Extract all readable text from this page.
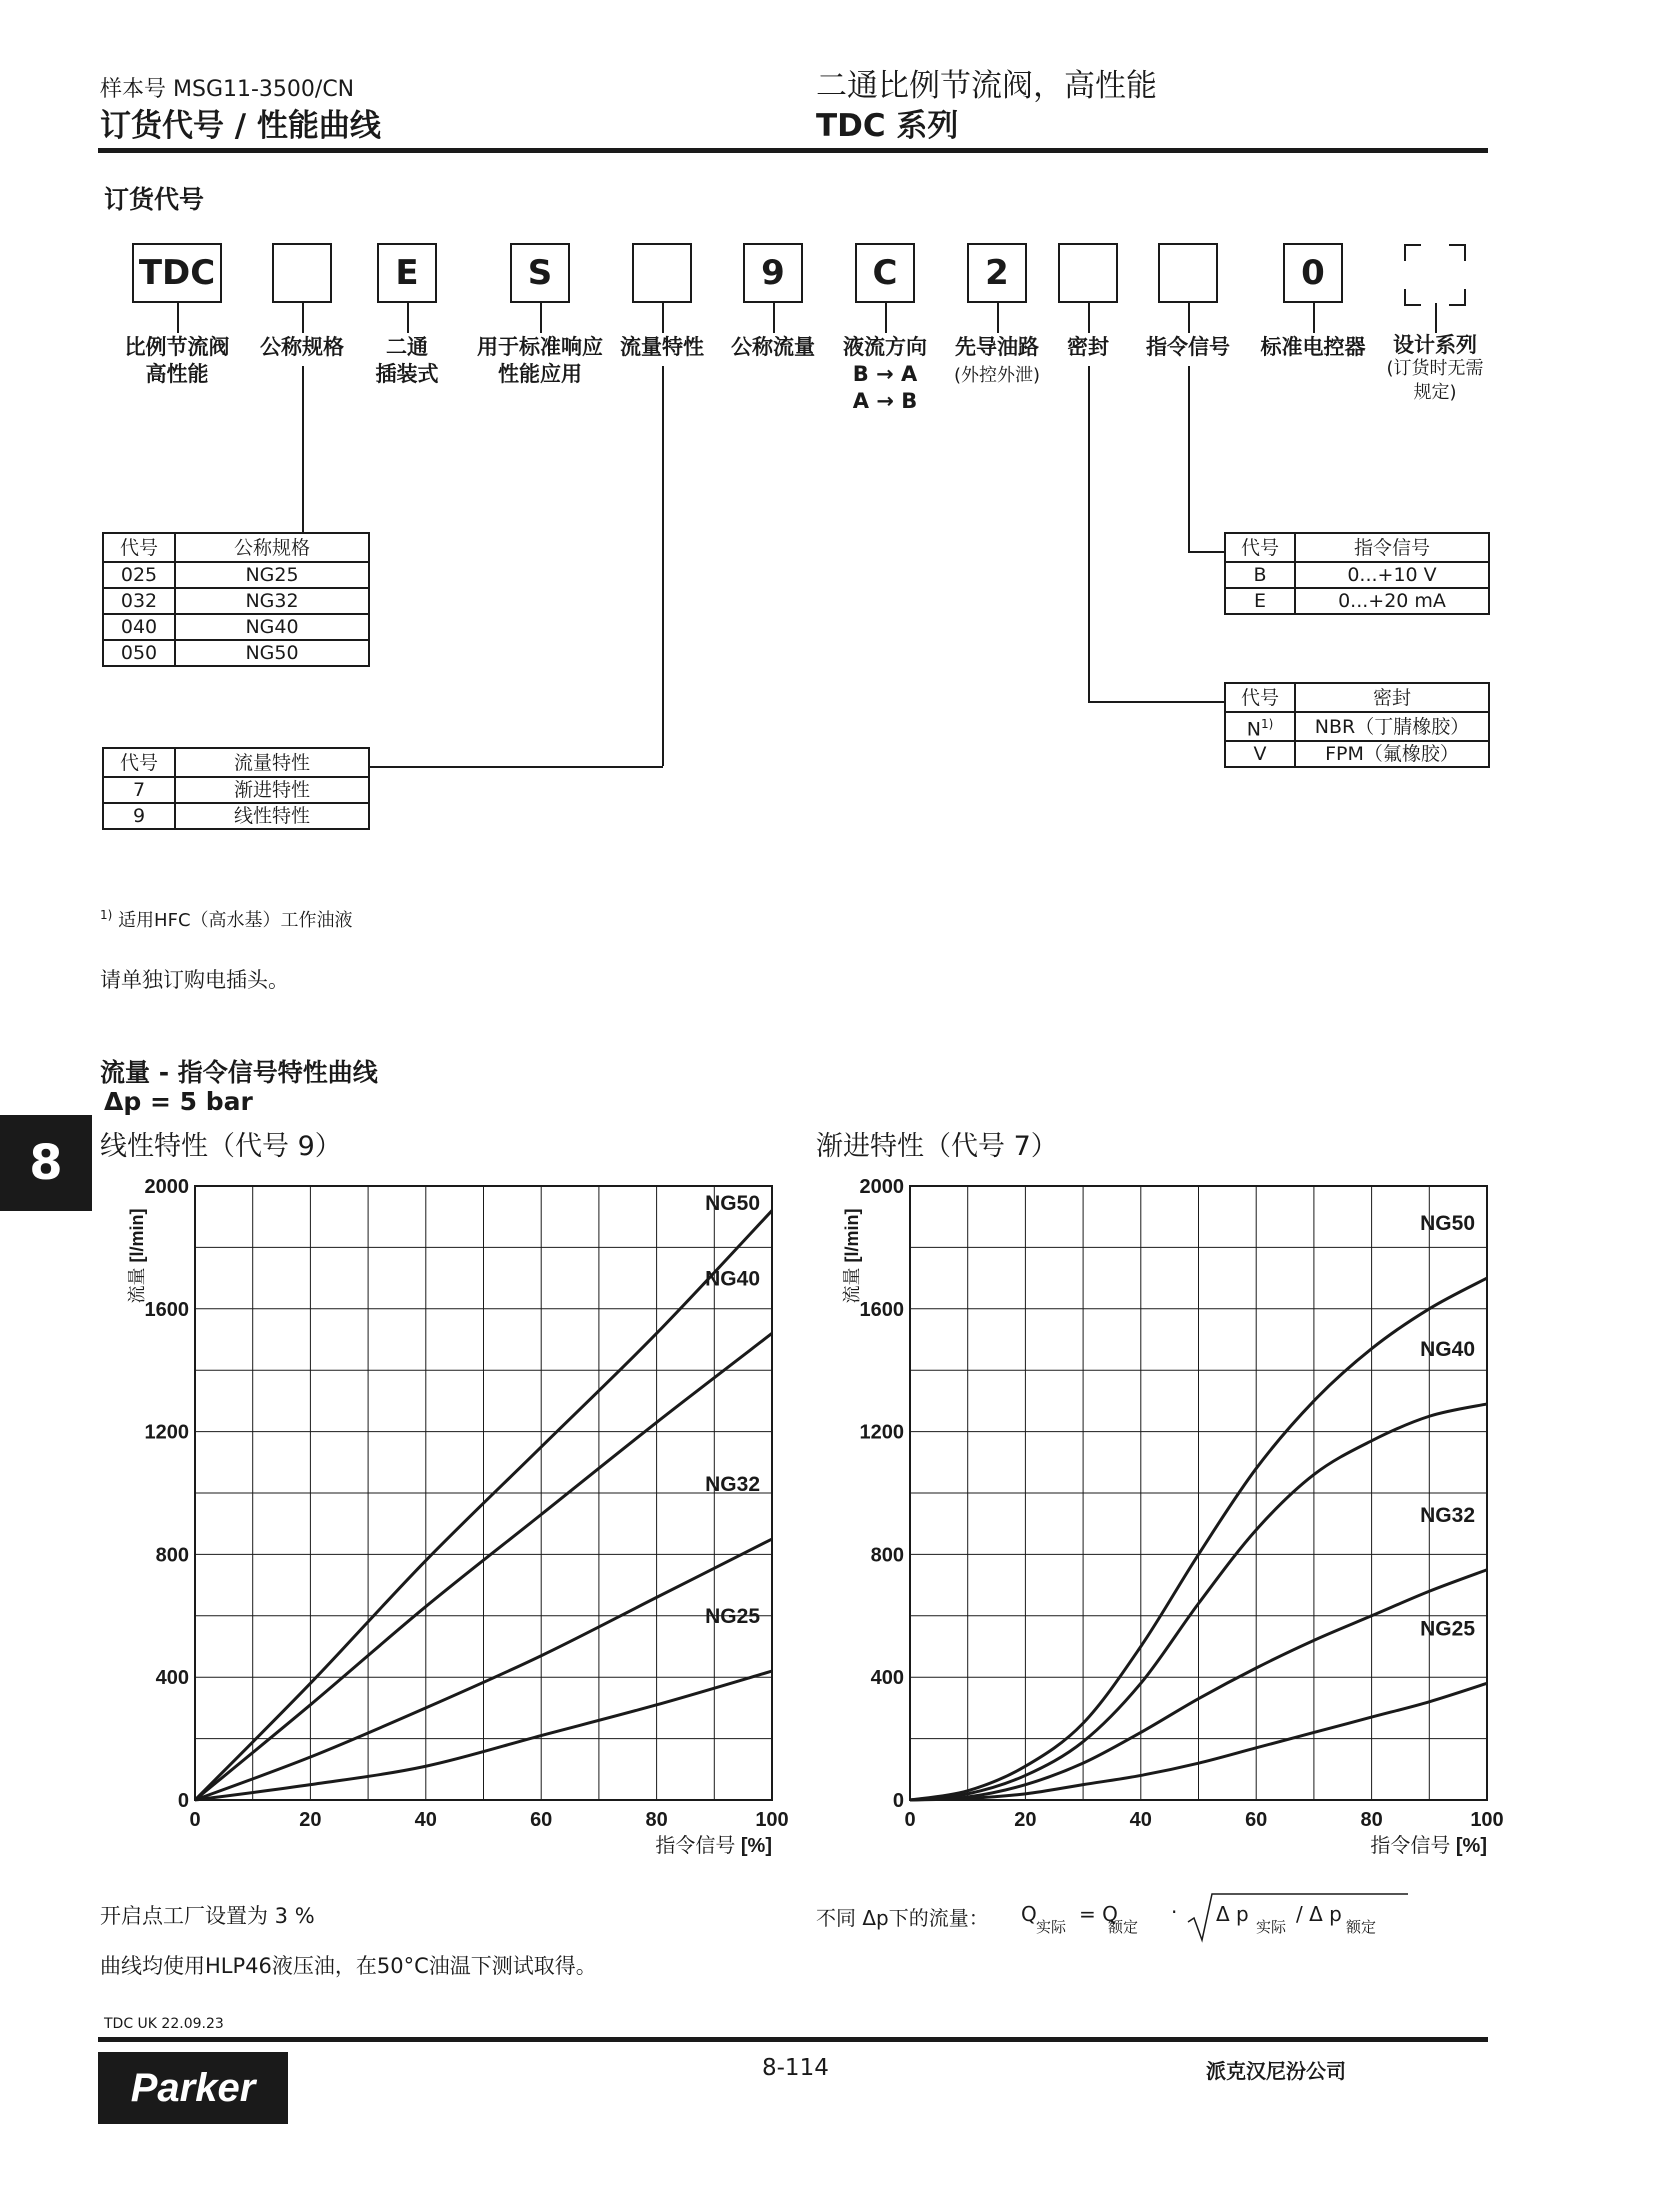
样本号 MSG11-3500/CN
订货代号 / 性能曲线
二通比例节流阀，高性能
TDC 系列
订货代号
TDC	E	S	9	C	2	0
比例节流阀
高性能
公称规格	二通
插装式
用于标准响应
性能应用
流量特性 公称流量 液流方向
B → A
A → B
先导油路
(外控外泄)
密封 指令信号 标准电控器	设计系列
(订货时无需
规定)
代号	公称规格
025	NG25
032	NG32
040	NG40
050	NG50
代号	流量特性
7	渐进特性
9	线性特性
代号	指令信号
B	0...+10 V
E	0...+20 mA
代号	密封
$N^{1)}$	NBR（丁腈橡胶）
V	FPM（氟橡胶）
$^{1)}$ 适用HFC（高水基）工作油液
请单独订购电插头。
流量 - 指令信号特性曲线
Δp = 5 bar
8	线性特性（代号 9）	渐进特性（代号 7）
0	20	40	60	80	100
0
400
800
1200
1600
2000
流量 [l/min]
指令信号 [%]
NG50
NG40
NG32
NG25
0	20	40	60	80	100
0
400
800
1200
1600
2000
流量 [l/min]
指令信号 [%]
NG50
NG40
NG32
NG25
开启点工厂设置为 3 %
曲线均使用HLP46液压油，在50°C油温下测试取得。
不同 Δp下的流量： Q
实际
= Q
额定
· Δ p
实际
/ Δ p
额定
TDC UK 22.09.23
8-114	派克汉尼汾公司
Parker
